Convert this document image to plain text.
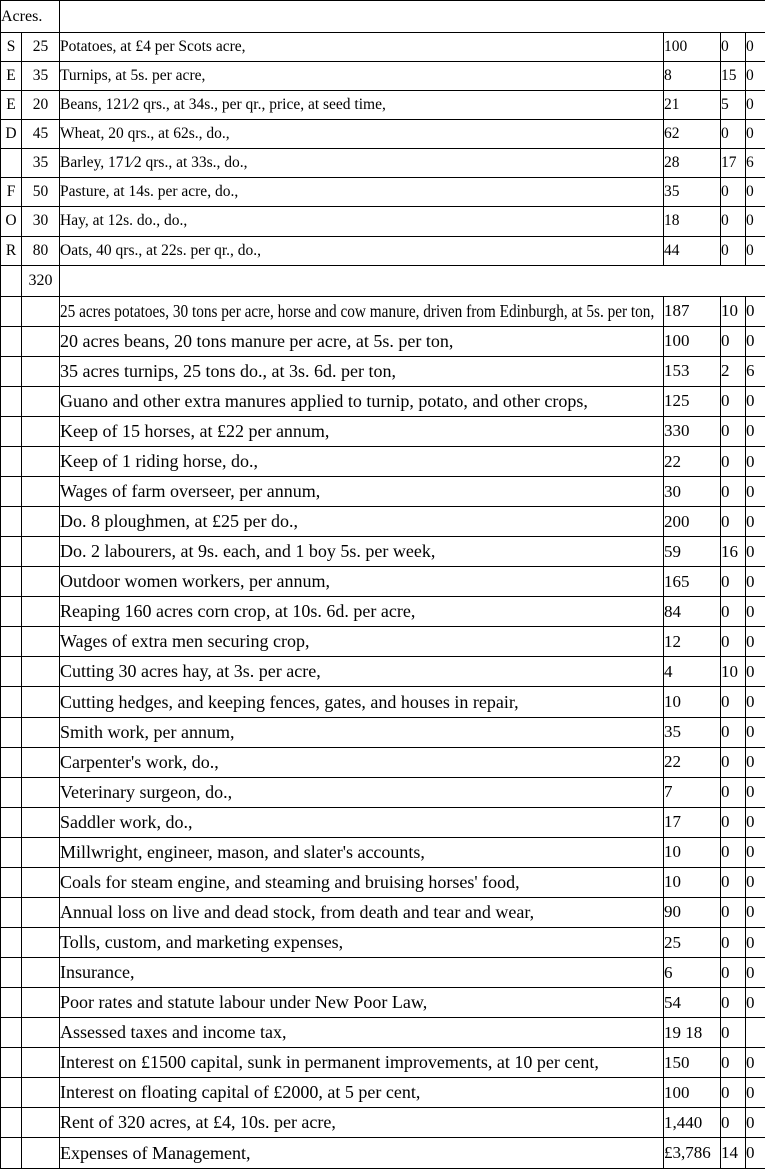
Acres.					
S	25	Potatoes, at £4 per Scots acre,	100	0	0
E	35	Turnips, at 5s. per acre,	8	15	0
E	20	Beans, 121⁄2 qrs., at 34s., per qr., price, at seed time,	21	5	0
D	45	Wheat, 20 qrs., at 62s., do.,	62	0	0
	35	Barley, 171⁄2 qrs., at 33s., do.,	28	17	6
F	50	Pasture, at 14s. per acre, do.,	35	0	0
O	30	Hay, at 12s. do., do.,	18	0	0
R	80	Oats, 40 qrs., at 22s. per qr., do.,	44	0	0
	320				
		25 acres potatoes, 30 tons per acre, horse and cow manure, driven from Edinburgh, at 5s. per ton,	187	10	0
		20 acres beans, 20 tons manure per acre, at 5s. per ton,	100	0	0
		35 acres turnips, 25 tons do., at 3s. 6d. per ton,	153	2	6
		Guano and other extra manures applied to turnip, potato, and other crops,	125	0	0
		Keep of 15 horses, at £22 per annum,	330	0	0
		Keep of 1 riding horse, do.,	22	0	0
		Wages of farm overseer, per annum,	30	0	0
		Do. 8 ploughmen, at £25 per do.,	200	0	0
		Do. 2 labourers, at 9s. each, and 1 boy 5s. per week,	59	16	0
		Outdoor women workers, per annum,	165	0	0
		Reaping 160 acres corn crop, at 10s. 6d. per acre,	84	0	0
		Wages of extra men securing crop,	12	0	0
		Cutting 30 acres hay, at 3s. per acre,	4	10	0
		Cutting hedges, and keeping fences, gates, and houses in repair,	10	0	0
		Smith work, per annum,	35	0	0
		Carpenter's work, do.,	22	0	0
		Veterinary surgeon, do.,	7	0	0
		Saddler work, do.,	17	0	0
		Millwright, engineer, mason, and slater's accounts,	10	0	0
		Coals for steam engine, and steaming and bruising horses' food,	10	0	0
		Annual loss on live and dead stock, from death and tear and wear,	90	0	0
		Tolls, custom, and marketing expenses,	25	0	0
		Insurance,	6	0	0
		Poor rates and statute labour under New Poor Law,	54	0	0
		Assessed taxes and income tax,	19 18	0	
		Interest on £1500 capital, sunk in permanent improvements, at 10 per cent,	150	0	0
		Interest on floating capital of £2000, at 5 per cent,	100	0	0
		Rent of 320 acres, at £4, 10s. per acre,	1,440	0	0
		Expenses of Management,	£3,786	14	0
